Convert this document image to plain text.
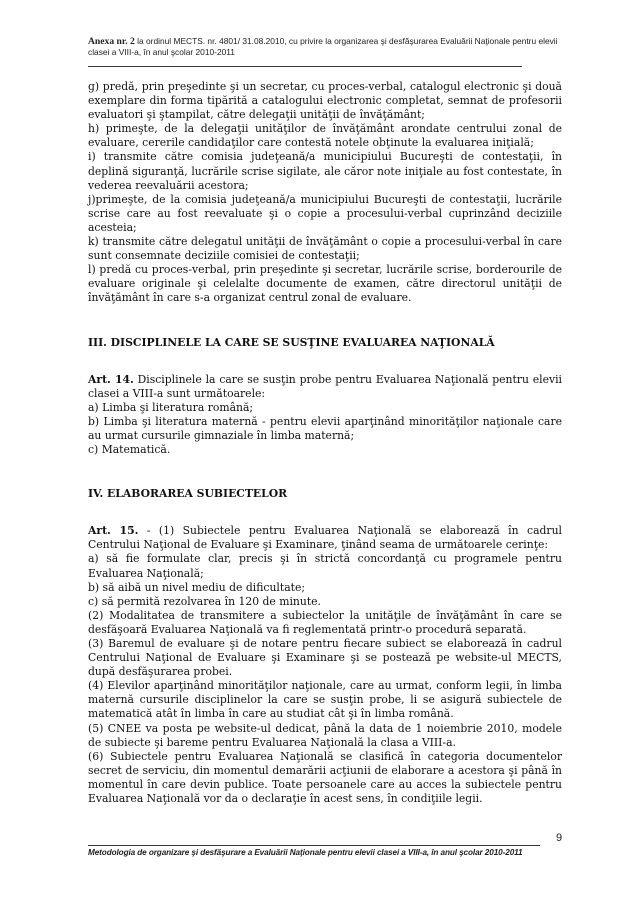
Anexa nr. 2 la ordinul MECTS. nr. 4801/ 31.08.2010, cu privire la organizarea şi desfăşurarea Evaluării Naţionale pentru elevii clasei a VIII-a, în anul şcolar 2010-2011

g) predă, prin preşedinte şi un secretar, cu proces-verbal, catalogul electronic şi două exemplare din forma tipărită a catalogului electronic completat, semnat de profesorii evaluatori şi ştampilat, către delegaţii unităţii de învăţământ;

h) primeşte, de la delegaţii unităţilor de învăţământ arondate centrului zonal de evaluare, cererile candidaţilor care contestă notele obţinute la evaluarea iniţială;

i) transmite către comisia judeţeană/a municipiului Bucureşti de contestaţii, în deplină siguranţă, lucrările scrise sigilate, ale căror note iniţiale au fost contestate, în vederea reevaluării acestora;

j)primeşte, de la comisia judeţeană/a municipiului Bucureşti de contestaţii, lucrările scrise care au fost reevaluate şi o copie a procesului-verbal cuprinzând deciziile acesteia;

k) transmite către delegatul unităţii de învăţământ o copie a procesului-verbal în care sunt consemnate deciziile comisiei de contestaţii;

l) predă cu proces-verbal, prin preşedinte şi secretar, lucrările scrise, borderourile de evaluare originale şi celelalte documente de examen, către directorul unităţii de învăţământ în care s-a organizat centrul zonal de evaluare.

III. DISCIPLINELE LA CARE SE SUSŢINE EVALUAREA NAŢIONALĂ

Art. 14. Disciplinele la care se susţin probe pentru Evaluarea Naţională pentru elevii clasei a VIII-a sunt următoarele:

a) Limba şi literatura română;

b) Limba şi literatura maternă - pentru elevii aparţinând minorităţilor naţionale care au urmat cursurile gimnaziale în limba maternă;

c) Matematică.

IV. ELABORAREA SUBIECTELOR

Art. 15. - (1) Subiectele pentru Evaluarea Naţională se elaborează în cadrul Centrului Naţional de Evaluare şi Examinare, ţinând seama de următoarele cerinţe:

a) să fie formulate clar, precis şi în strictă concordanţă cu programele pentru Evaluarea Naţională;

b) să aibă un nivel mediu de dificultate;

c) să permită rezolvarea în 120 de minute.

(2) Modalitatea de transmitere a subiectelor la unităţile de învăţământ în care se desfăşoară Evaluarea Naţională va fi reglementată printr-o procedură separată.

(3) Baremul de evaluare şi de notare pentru fiecare subiect se elaborează în cadrul Centrului Naţional de Evaluare şi Examinare şi se postează pe website-ul MECTS, după desfăşurarea probei.

(4) Elevilor aparţinând minorităţilor naţionale, care au urmat, conform legii, în limba maternă cursurile disciplinelor la care se susţin probe, li se asigură subiectele de matematică atât în limba în care au studiat cât şi în limba română.

(5) CNEE va posta pe website-ul dedicat, până la data de 1 noiembrie 2010, modele de subiecte şi bareme pentru Evaluarea Naţională la clasa a VIII-a.

(6) Subiectele pentru Evaluarea Naţională se clasifică în categoria documentelor secret de serviciu, din momentul demarării acţiunii de elaborare a acestora şi până în momentul în care devin publice. Toate persoanele care au acces la subiectele pentru Evaluarea Naţională vor da o declaraţie în acest sens, în condiţiile legii.

9
Metodologia de organizare şi desfăşurare a Evaluării Naţionale pentru elevii clasei a VIII-a, în anul şcolar 2010-2011
